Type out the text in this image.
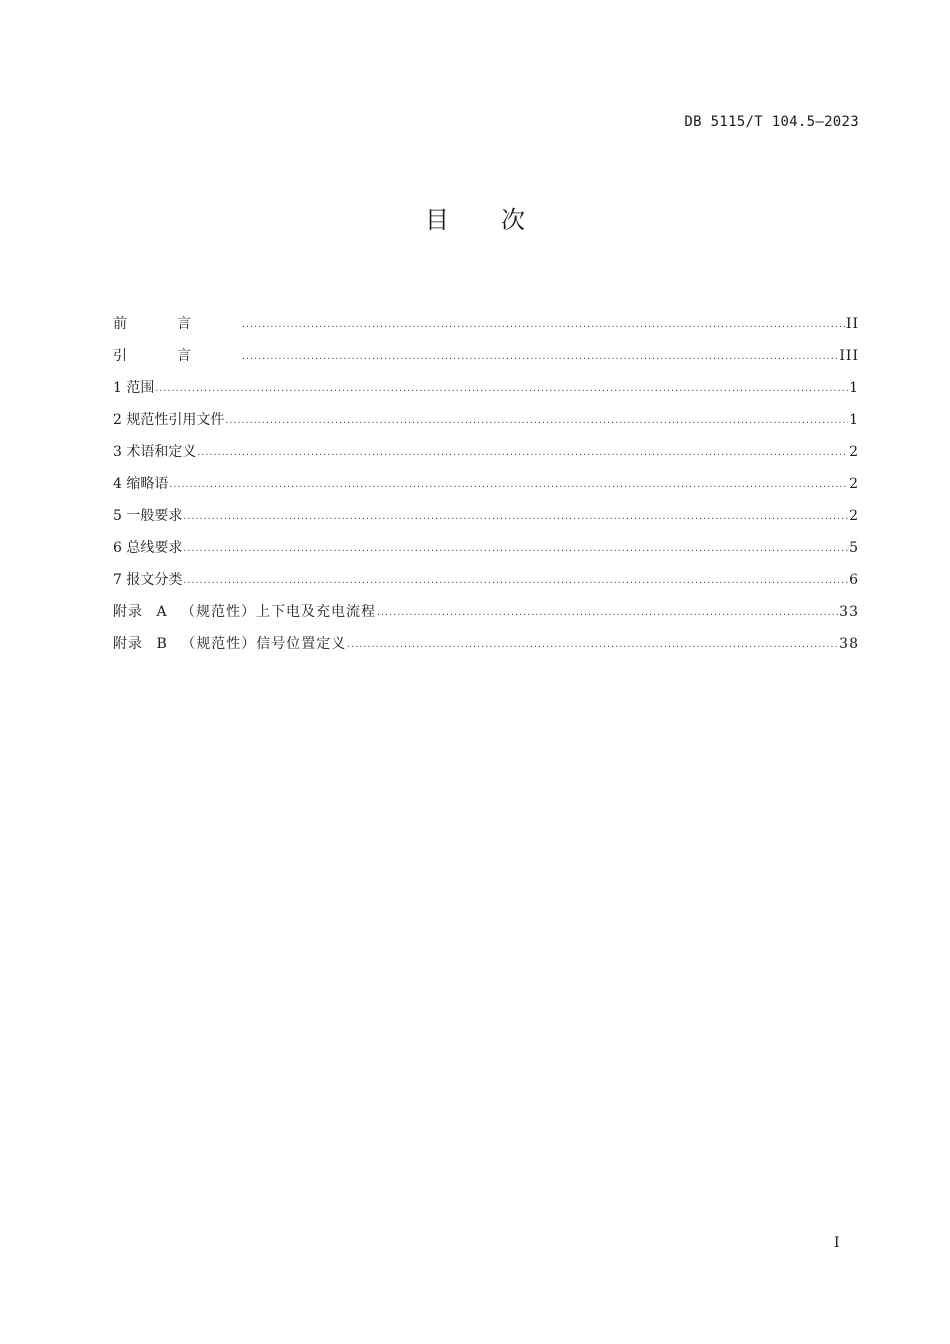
DB 5115/T 104.5—2023
目次
前言 .....	II
引言 .....	III
1 范围 .....	1
2 规范性引用文件 .....	1
3 术语和定义 .....	2
4 缩略语 .....	2
5 一般要求 .....	2
6 总线要求 .....	5
7 报文分类 .....	6
附录 A （规范性）上下电及充电流程 .....	33
附录 B （规范性）信号位置定义 .....	38
I
